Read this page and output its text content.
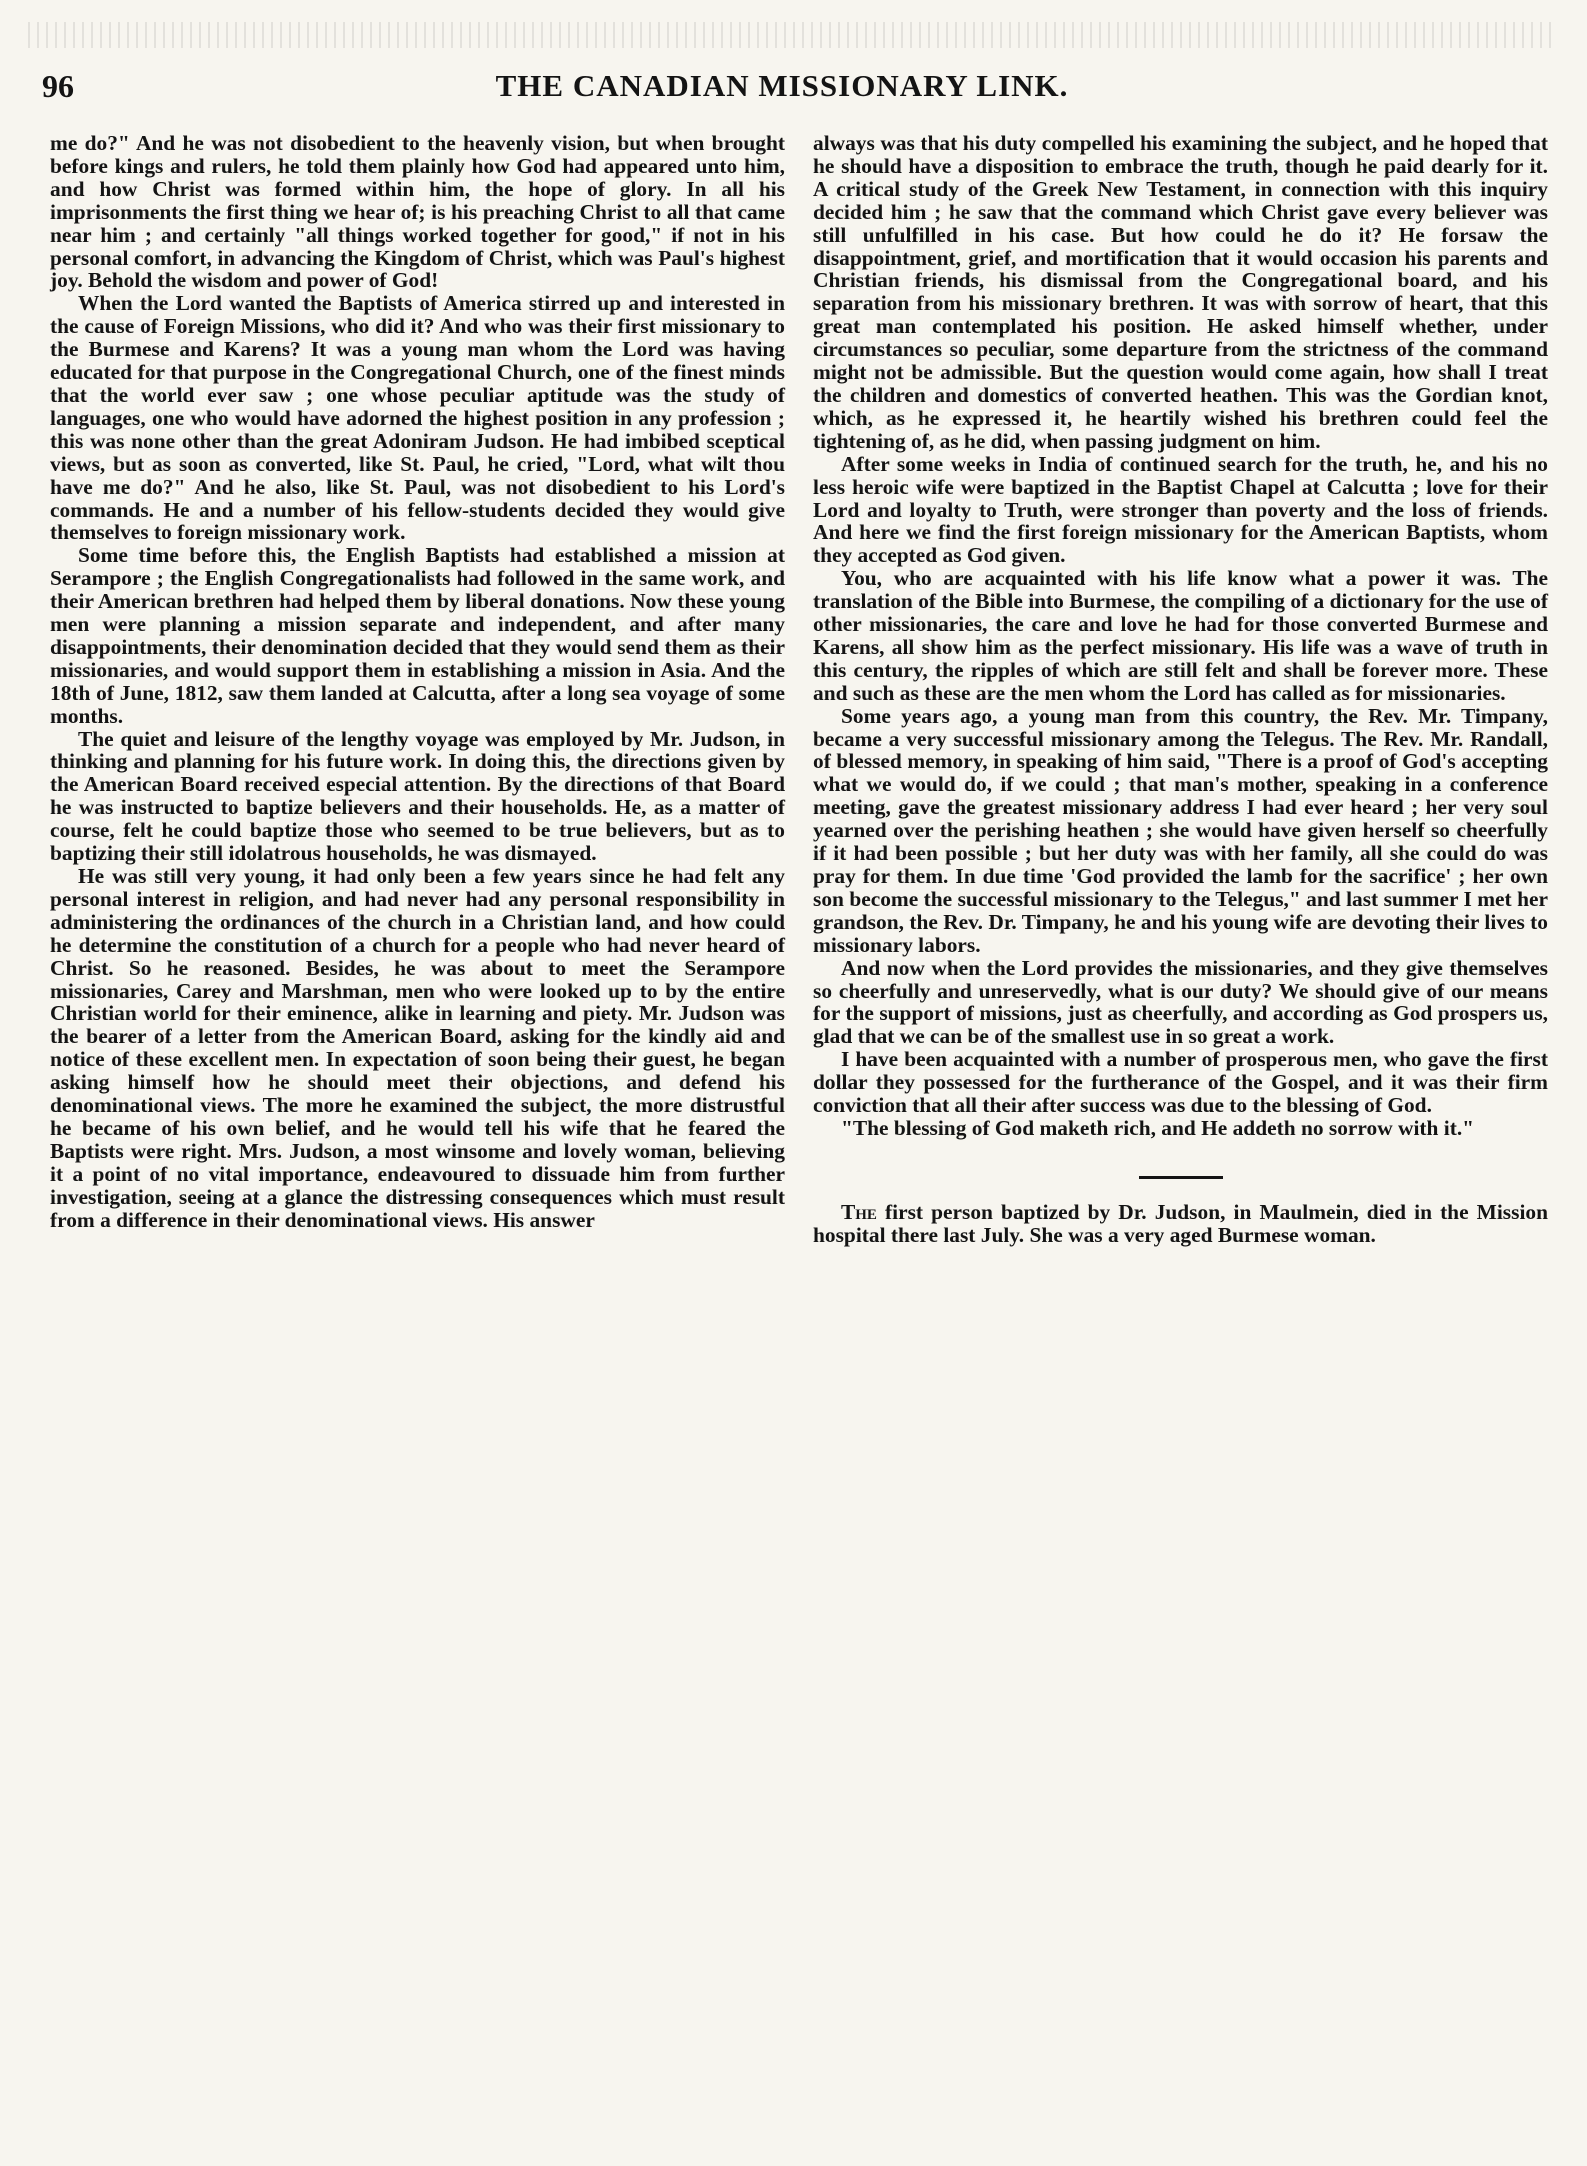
96	THE CANADIAN MISSIONARY LINK.

me do?" And he was not disobedient to the heavenly vision, but when brought before kings and rulers, he told them plainly how God had appeared unto him, and how Christ was formed within him, the hope of glory. In all his imprisonments the first thing we hear of; is his preaching Christ to all that came near him ; and certainly "all things worked together for good," if not in his personal comfort, in advancing the Kingdom of Christ, which was Paul's highest joy. Behold the wisdom and power of God!

When the Lord wanted the Baptists of America stirred up and interested in the cause of Foreign Missions, who did it? And who was their first missionary to the Burmese and Karens? It was a young man whom the Lord was having educated for that purpose in the Congregational Church, one of the finest minds that the world ever saw ; one whose peculiar aptitude was the study of languages, one who would have adorned the highest position in any profession ; this was none other than the great Adoniram Judson. He had imbibed sceptical views, but as soon as converted, like St. Paul, he cried, "Lord, what wilt thou have me do?" And he also, like St. Paul, was not disobedient to his Lord's commands. He and a number of his fellow-students decided they would give themselves to foreign missionary work.

Some time before this, the English Baptists had established a mission at Serampore ; the English Congregationalists had followed in the same work, and their American brethren had helped them by liberal donations. Now these young men were planning a mission separate and independent, and after many disappointments, their denomination decided that they would send them as their missionaries, and would support them in establishing a mission in Asia. And the 18th of June, 1812, saw them landed at Calcutta, after a long sea voyage of some months.

The quiet and leisure of the lengthy voyage was employed by Mr. Judson, in thinking and planning for his future work. In doing this, the directions given by the American Board received especial attention. By the directions of that Board he was instructed to baptize believers and their households. He, as a matter of course, felt he could baptize those who seemed to be true believers, but as to baptizing their still idolatrous households, he was dismayed.

He was still very young, it had only been a few years since he had felt any personal interest in religion, and had never had any personal responsibility in administering the ordinances of the church in a Christian land, and how could he determine the constitution of a church for a people who had never heard of Christ. So he reasoned. Besides, he was about to meet the Serampore missionaries, Carey and Marshman, men who were looked up to by the entire Christian world for their eminence, alike in learning and piety. Mr. Judson was the bearer of a letter from the American Board, asking for the kindly aid and notice of these excellent men. In expectation of soon being their guest, he began asking himself how he should meet their objections, and defend his denominational views. The more he examined the subject, the more distrustful he became of his own belief, and he would tell his wife that he feared the Baptists were right. Mrs. Judson, a most winsome and lovely woman, believing it a point of no vital importance, endeavoured to dissuade him from further investigation, seeing at a glance the distressing consequences which must result from a difference in their denominational views. His answer

always was that his duty compelled his examining the subject, and he hoped that he should have a disposition to embrace the truth, though he paid dearly for it. A critical study of the Greek New Testament, in connection with this inquiry decided him ; he saw that the command which Christ gave every believer was still unfulfilled in his case. But how could he do it? He forsaw the disappointment, grief, and mortification that it would occasion his parents and Christian friends, his dismissal from the Congregational board, and his separation from his missionary brethren. It was with sorrow of heart, that this great man contemplated his position. He asked himself whether, under circumstances so peculiar, some departure from the strictness of the command might not be admissible. But the question would come again, how shall I treat the children and domestics of converted heathen. This was the Gordian knot, which, as he expressed it, he heartily wished his brethren could feel the tightening of, as he did, when passing judgment on him.

After some weeks in India of continued search for the truth, he, and his no less heroic wife were baptized in the Baptist Chapel at Calcutta ; love for their Lord and loyalty to Truth, were stronger than poverty and the loss of friends. And here we find the first foreign missionary for the American Baptists, whom they accepted as God given.

You, who are acquainted with his life know what a power it was. The translation of the Bible into Burmese, the compiling of a dictionary for the use of other missionaries, the care and love he had for those converted Burmese and Karens, all show him as the perfect missionary. His life was a wave of truth in this century, the ripples of which are still felt and shall be forever more. These and such as these are the men whom the Lord has called as for missionaries.

Some years ago, a young man from this country, the Rev. Mr. Timpany, became a very successful missionary among the Telegus. The Rev. Mr. Randall, of blessed memory, in speaking of him said, "There is a proof of God's accepting what we would do, if we could ; that man's mother, speaking in a conference meeting, gave the greatest missionary address I had ever heard ; her very soul yearned over the perishing heathen ; she would have given herself so cheerfully if it had been possible ; but her duty was with her family, all she could do was pray for them. In due time 'God provided the lamb for the sacrifice' ; her own son become the successful missionary to the Telegus," and last summer I met her grandson, the Rev. Dr. Timpany, he and his young wife are devoting their lives to missionary labors.

And now when the Lord provides the missionaries, and they give themselves so cheerfully and unreservedly, what is our duty? We should give of our means for the support of missions, just as cheerfully, and according as God prospers us, glad that we can be of the smallest use in so great a work.

I have been acquainted with a number of prosperous men, who gave the first dollar they possessed for the furtherance of the Gospel, and it was their firm conviction that all their after success was due to the blessing of God.

"The blessing of God maketh rich, and He addeth no sorrow with it."

The first person baptized by Dr. Judson, in Maulmein, died in the Mission hospital there last July. She was a very aged Burmese woman.
